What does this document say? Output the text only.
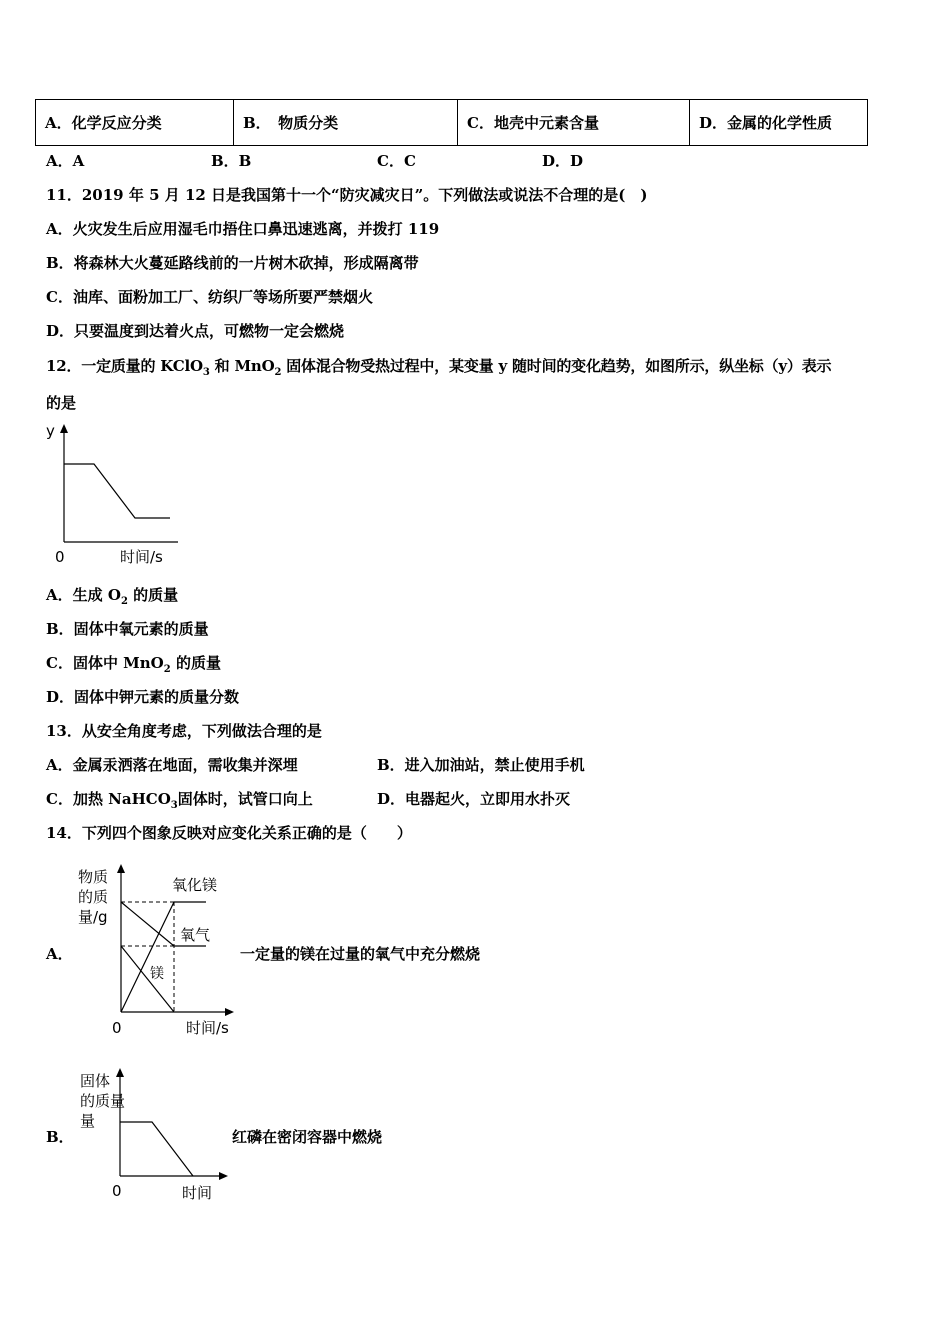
A．化学反应分类	B．　物质分类	C．地壳中元素含量	D．金属的化学性质
A．A	B．B	C．C	D．D
11．2019 年 5 月 12 日是我国第十一个“防灾减灾日”。下列做法或说法不合理的是(　)
A．火灾发生后应用湿毛巾捂住口鼻迅速逃离，并拨打 119
B．将森林大火蔓延路线前的一片树木砍掉，形成隔离带
C．油库、面粉加工厂、纺织厂等场所要严禁烟火
D．只要温度到达着火点，可燃物一定会燃烧
12．一定质量的 KClO$_3$ 和 MnO$_2$ 固体混合物受热过程中，某变量 y 随时间的变化趋势，如图所示，纵坐标（y）表示
的是
y
0	时间/s
A．生成 $O_2$ 的质量
B．固体中氧元素的质量
C．固体中 MnO$_2$ 的质量
D．固体中钾元素的质量分数
13．从安全角度考虑，下列做法合理的是
A．金属汞洒落在地面，需收集并深埋	B．进入加油站，禁止使用手机
C．加热 NaHCO$_3$固体时，试管口向上	D．电器起火，立即用水扑灭
14．下列四个图象反映对应变化关系正确的是（　　）
A．
物质
的质
量/g
氧化镁
氧气
镁
0	时间/s
一定量的镁在过量的氧气中充分燃烧
B．
固体
的质量
量
0	时间
红磷在密闭容器中燃烧
